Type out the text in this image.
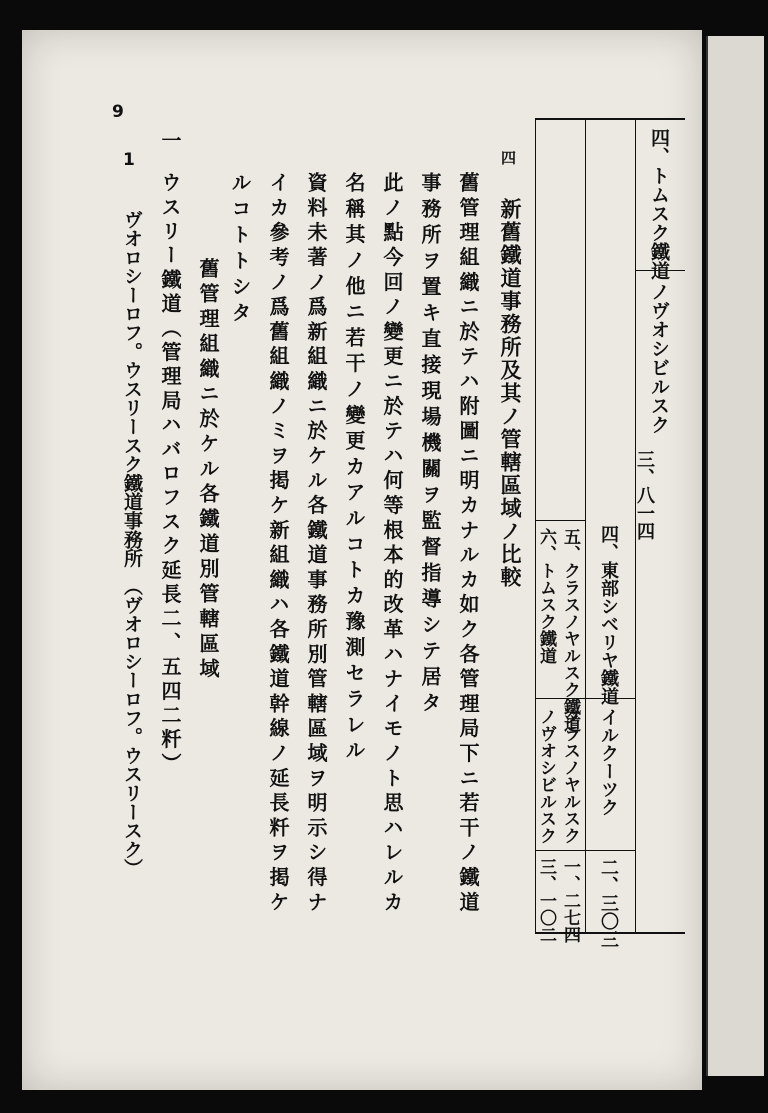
四、トムスク鐵道
ノヴオシビルスク
三、八一四
四、東部シベリヤ鐵道
イルクーツク
二、三〇三
五、クラスノヤルスク鐵道
六、トムスク鐵道
クラスノヤルスク
ノヴオシビルスク
一、二七四
三、一〇二
四
新舊鐵道事務所及其ノ管轄區域ノ比較
舊管理組織ニ於テハ附圖ニ明カナルカ如ク各管理局下ニ若干ノ鐵道
事務所ヲ置キ直接現場機關ヲ監督指導シテ居タ
此ノ點今回ノ變更ニ於テハ何等根本的改革ハナイモノト思ハレルカ
名稱其ノ他ニ若干ノ變更カアルコトカ豫測セラレル
資料未著ノ爲新組織ニ於ケル各鐵道事務所別管轄區域ヲ明示シ得ナ
イカ參考ノ爲舊組織ノミヲ掲ケ新組織ハ各鐵道幹線ノ延長粁ヲ掲ケ
ルコトトシタ
舊管理組織ニ於ケル各鐵道別管轄區域
一
ウスリー鐵道（管理局ハバロフスク延長二、五四二粁）
1
ヴオロシーロフ。ウスリースク鐵道事務所　（ヴオロシーロフ。ウスリースク）
9
